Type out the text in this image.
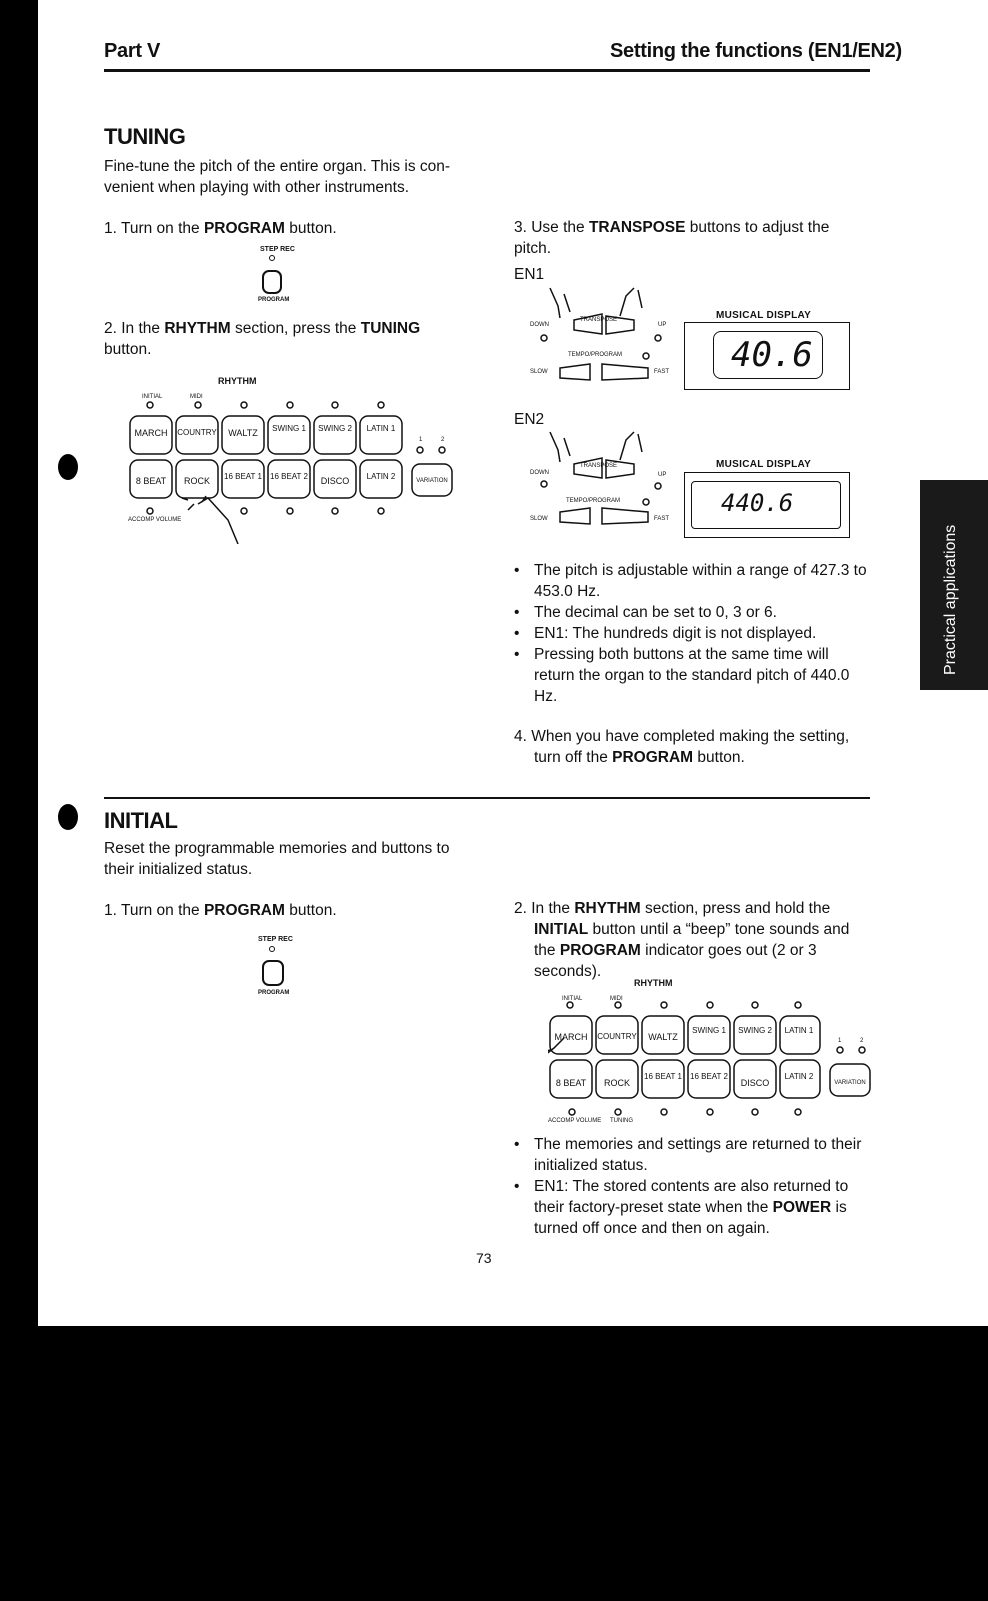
Part V	Setting the functions (EN1/EN2)
Practical applications
TUNING
Fine-tune the pitch of the entire organ. This is con- venient when playing with other instruments.
1. Turn on the PROGRAM button.
STEP REC
PROGRAM
2. In the RHYTHM section, press the TUNING button.
RHYTHM
INITIAL	MIDI
1	2
ACCOMP VOLUME
MARCH	COUNTRY	WALTZ	SWING 1 SWING 2	LATIN 1
8 BEAT	ROCK	16 BEAT 1 16 BEAT 2	DISCO	LATIN 2	VARIATION
3. Use the TRANSPOSE buttons to adjust the pitch.
EN1
DOWN	UP
TRANSPOSE
TEMPO/PROGRAM
SLOW	FAST
MUSICAL DISPLAY
40.6
EN2
DOWN	UP
TRANSPOSE
TEMPO/PROGRAM
SLOW	FAST
MUSICAL DISPLAY
440.6
• The pitch is adjustable within a range of 427.3 to 453.0 Hz.
• The decimal can be set to 0, 3 or 6.
• EN1: The hundreds digit is not displayed.
• Pressing both buttons at the same time will return the organ to the standard pitch of 440.0 Hz.
4. When you have completed making the setting, turn off the PROGRAM button.
INITIAL
Reset the programmable memories and buttons to their initialized status.
1. Turn on the PROGRAM button.
STEP REC
PROGRAM
2. In the RHYTHM section, press and hold the INITIAL button until a “beep” tone sounds and the PROGRAM indicator goes out (2 or 3 seconds).
RHYTHM
INITIAL	MIDI
1	2
ACCOMP VOLUME TUNING
MARCH	COUNTRY	WALTZ
SWING 1 SWING 2	LATIN 1
8 BEAT	ROCK
16 BEAT 1 16 BEAT 2
DISCO
LATIN 2
VARIATION
• The memories and settings are returned to their initialized status.
• EN1: The stored contents are also returned to their factory-preset state when the POWER is turned off once and then on again.
73
